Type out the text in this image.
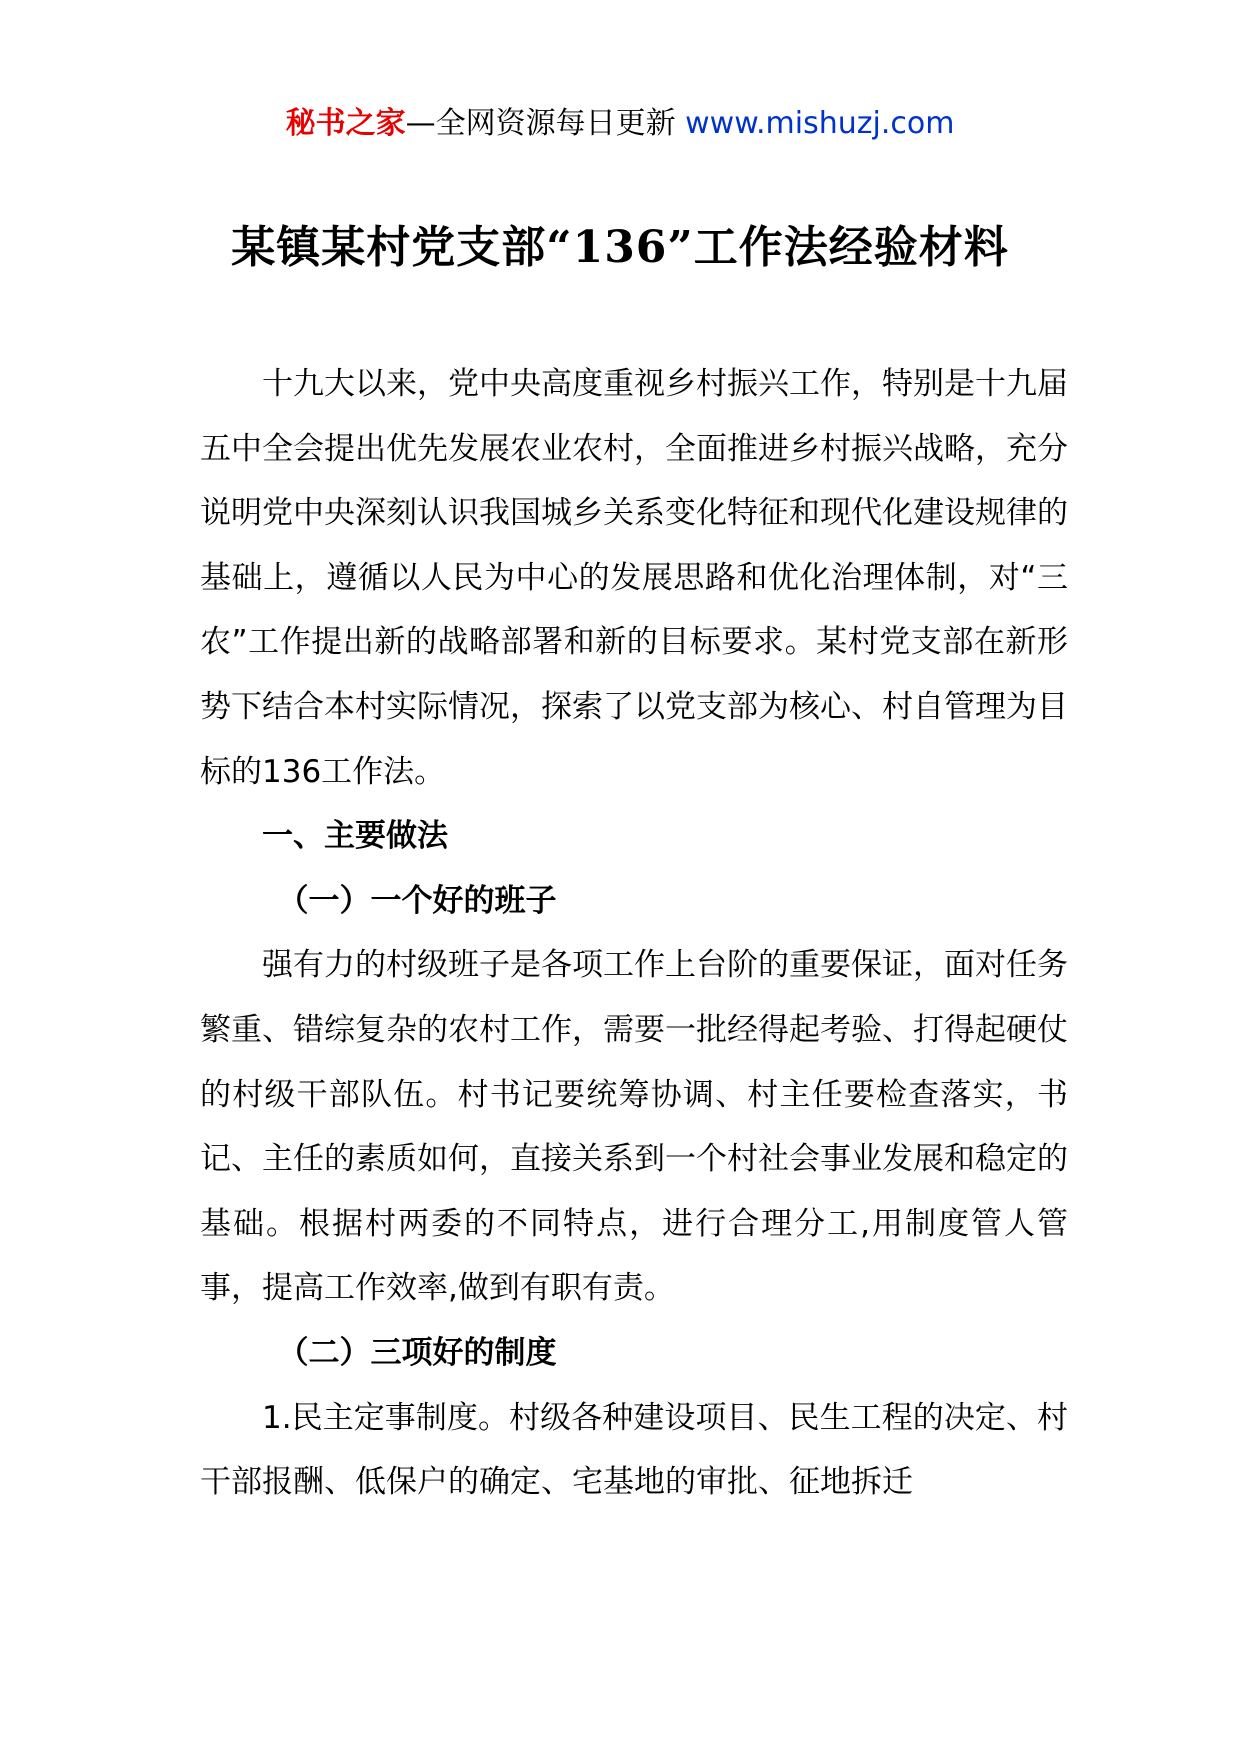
秘书之家—全网资源每日更新 www.mishuzj.com
某镇某村党支部“136”工作法经验材料

十九大以来，党中央高度重视乡村振兴工作，特别是十九届五中全会提出优先发展农业农村，全面推进乡村振兴战略，充分说明党中央深刻认识我国城乡关系变化特征和现代化建设规律的基础上，遵循以人民为中心的发展思路和优化治理体制，对“三农”工作提出新的战略部署和新的目标要求。某村党支部在新形势下结合本村实际情况，探索了以党支部为核心、村自管理为目标的136工作法。

一、主要做法

（一）一个好的班子

强有力的村级班子是各项工作上台阶的重要保证，面对任务繁重、错综复杂的农村工作，需要一批经得起考验、打得起硬仗的村级干部队伍。村书记要统筹协调、村主任要检查落实，书记、主任的素质如何，直接关系到一个村社会事业发展和稳定的基础。根据村两委的不同特点，进行合理分工,用制度管人管事，提高工作效率,做到有职有责。

（二）三项好的制度

1.民主定事制度。村级各种建设项目、民生工程的决定、村干部报酬、低保户的确定、宅基地的审批、征地拆迁
